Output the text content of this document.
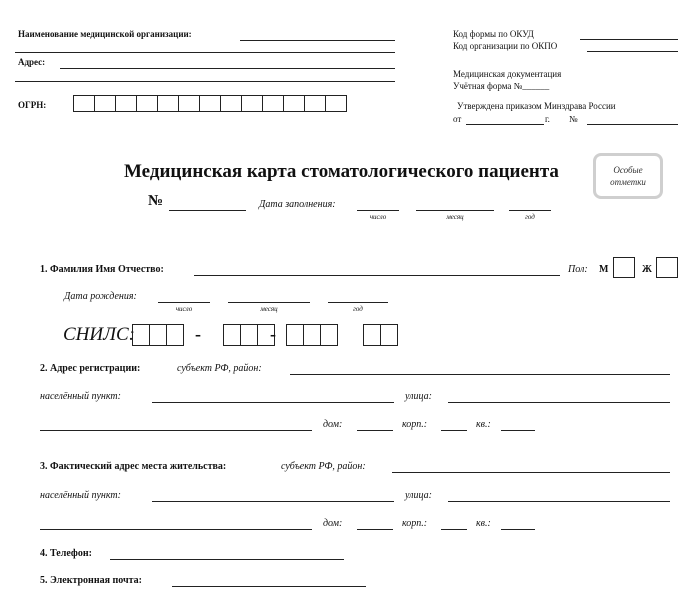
Наименование медицинской организации:
Адрес:
ОГРН:
Код формы по ОКУД
Код организации по ОКПО
Медицинская документация
Учётная форма №______
Утверждена приказом Минздрава России
от	г. №
Медицинская карта стоматологического пациента	Особые
отметки
№	Дата заполнения:
число	месяц	год
1. Фамилия Имя Отчество:	Пол: М	Ж
Дата рождения:
число	месяц	год
СНИЛС:	-	-
2. Адрес регистрации:	субъект РФ, район:
населённый пункт:	улица:
дом:	корп.:	кв.:
3. Фактический адрес места жительства:	субъект РФ, район:
населённый пункт:	улица:
дом:	корп.:	кв.:
4. Телефон:
5. Электронная почта:
